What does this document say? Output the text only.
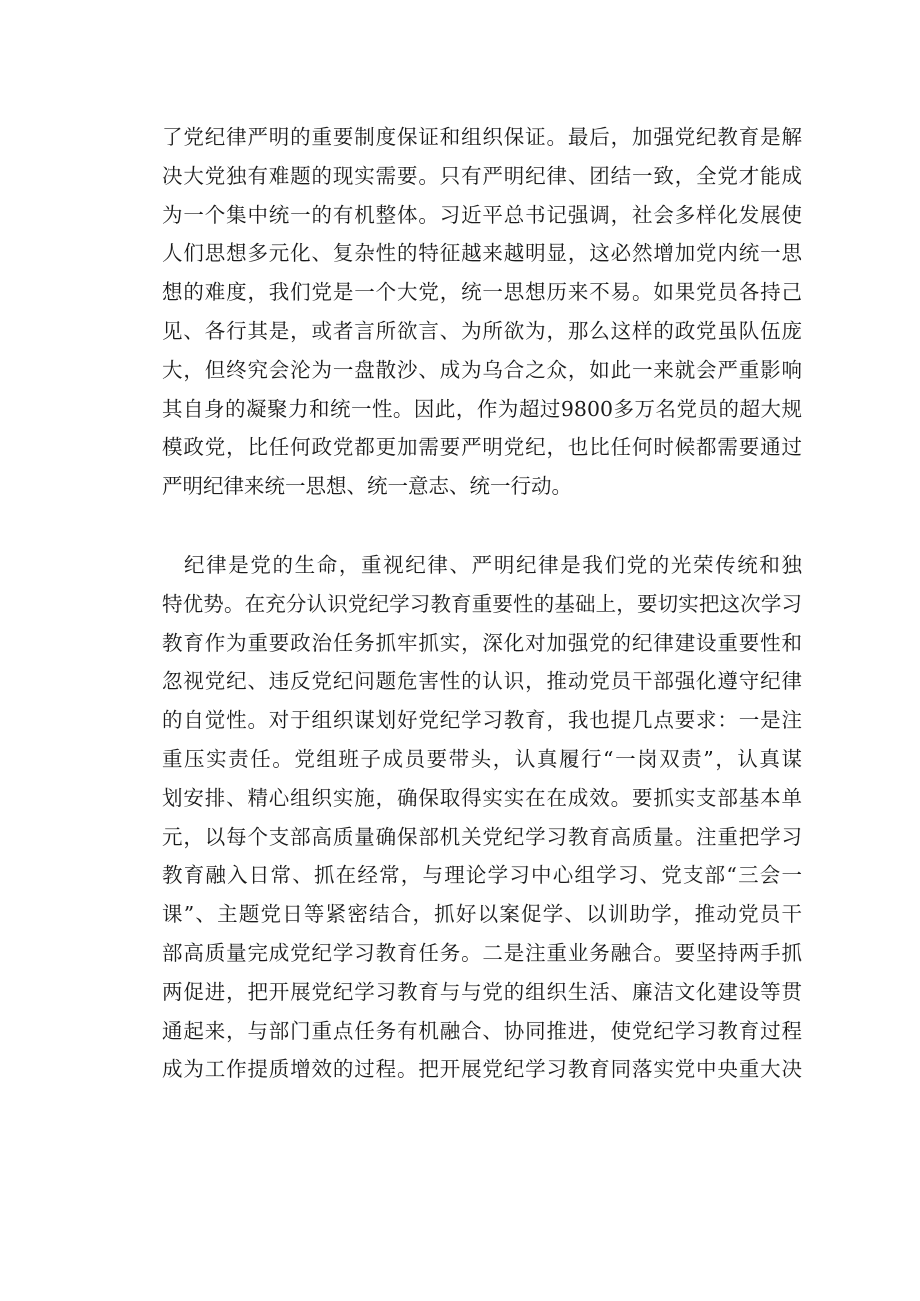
了党纪律严明的重要制度保证和组织保证。最后，加强党纪教育是解
决大党独有难题的现实需要。只有严明纪律、团结一致，全党才能成
为一个集中统一的有机整体。习近平总书记强调，社会多样化发展使
人们思想多元化、复杂性的特征越来越明显，这必然增加党内统一思
想的难度，我们党是一个大党，统一思想历来不易。如果党员各持己
见、各行其是，或者言所欲言、为所欲为，那么这样的政党虽队伍庞
大，但终究会沦为一盘散沙、成为乌合之众，如此一来就会严重影响
其自身的凝聚力和统一性。因此，作为超过9800多万名党员的超大规
模政党，比任何政党都更加需要严明党纪，也比任何时候都需要通过
严明纪律来统一思想、统一意志、统一行动。
纪律是党的生命，重视纪律、严明纪律是我们党的光荣传统和独
特优势。在充分认识党纪学习教育重要性的基础上，要切实把这次学习
教育作为重要政治任务抓牢抓实，深化对加强党的纪律建设重要性和
忽视党纪、违反党纪问题危害性的认识，推动党员干部强化遵守纪律
的自觉性。对于组织谋划好党纪学习教育，我也提几点要求：一是注
重压实责任。党组班子成员要带头，认真履行“一岗双责”，认真谋
划安排、精心组织实施，确保取得实实在在成效。要抓实支部基本单
元，以每个支部高质量确保部机关党纪学习教育高质量。注重把学习
教育融入日常、抓在经常，与理论学习中心组学习、党支部“三会一
课”、主题党日等紧密结合，抓好以案促学、以训助学，推动党员干
部高质量完成党纪学习教育任务。二是注重业务融合。要坚持两手抓
两促进，把开展党纪学习教育与与党的组织生活、廉洁文化建设等贯
通起来，与部门重点任务有机融合、协同推进，使党纪学习教育过程
成为工作提质增效的过程。把开展党纪学习教育同落实党中央重大决
